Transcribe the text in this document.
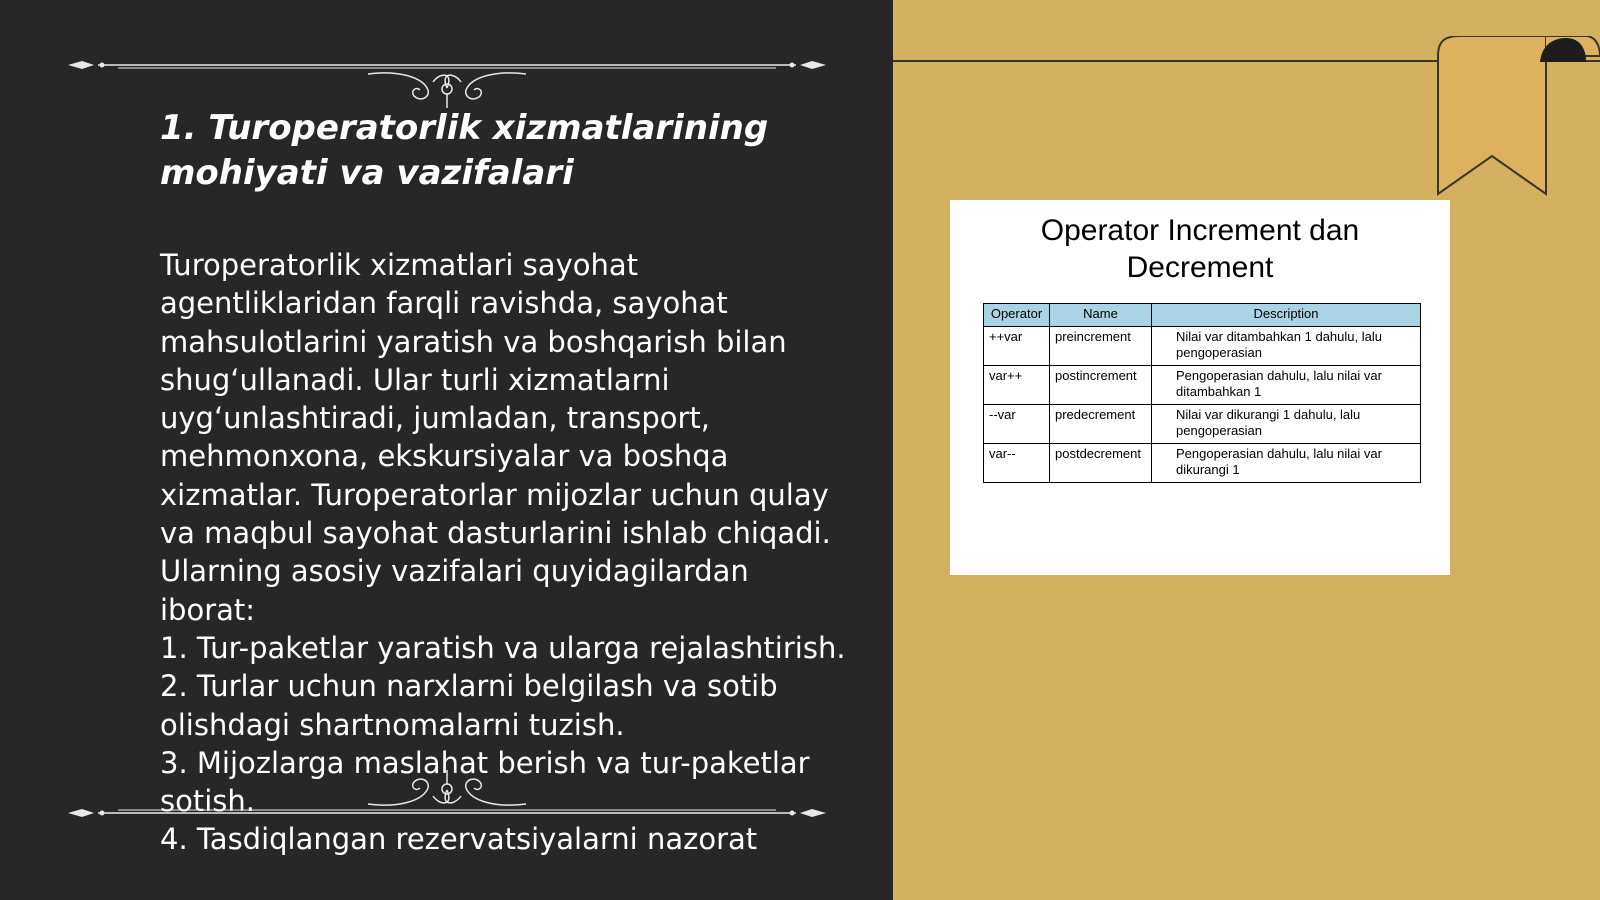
1. Turoperatorlik xizmatlarining
mohiyati va vazifalari

Turoperatorlik xizmatlari sayohat agentliklaridan farqli ravishda, sayohat mahsulotlarini yaratish va boshqarish bilan shug‘ullanadi. Ular turli xizmatlarni uyg‘unlashtiradi, jumladan, transport, mehmonxona, ekskursiyalar va boshqa xizmatlar. Turoperatorlar mijozlar uchun qulay va maqbul sayohat dasturlarini ishlab chiqadi. Ularning asosiy vazifalari quyidagilardan iborat:

1. Tur-paketlar yaratish va ularga rejalashtirish.

2. Turlar uchun narxlarni belgilash va sotib olishdagi shartnomalarni tuzish.

3. Mijozlarga maslahat berish va tur-paketlar sotish.

4. Tasdiqlangan rezervatsiyalarni nazorat

Operator Increment dan
Decrement
Operator	Name	Description
++var	preincrement	Nilai var ditambahkan 1 dahulu, lalu pengoperasian
var++	postincrement	Pengoperasian dahulu, lalu nilai var ditambahkan 1
--var	predecrement	Nilai var dikurangi 1 dahulu, lalu pengoperasian
var--	postdecrement	Pengoperasian dahulu, lalu nilai var dikurangi 1
